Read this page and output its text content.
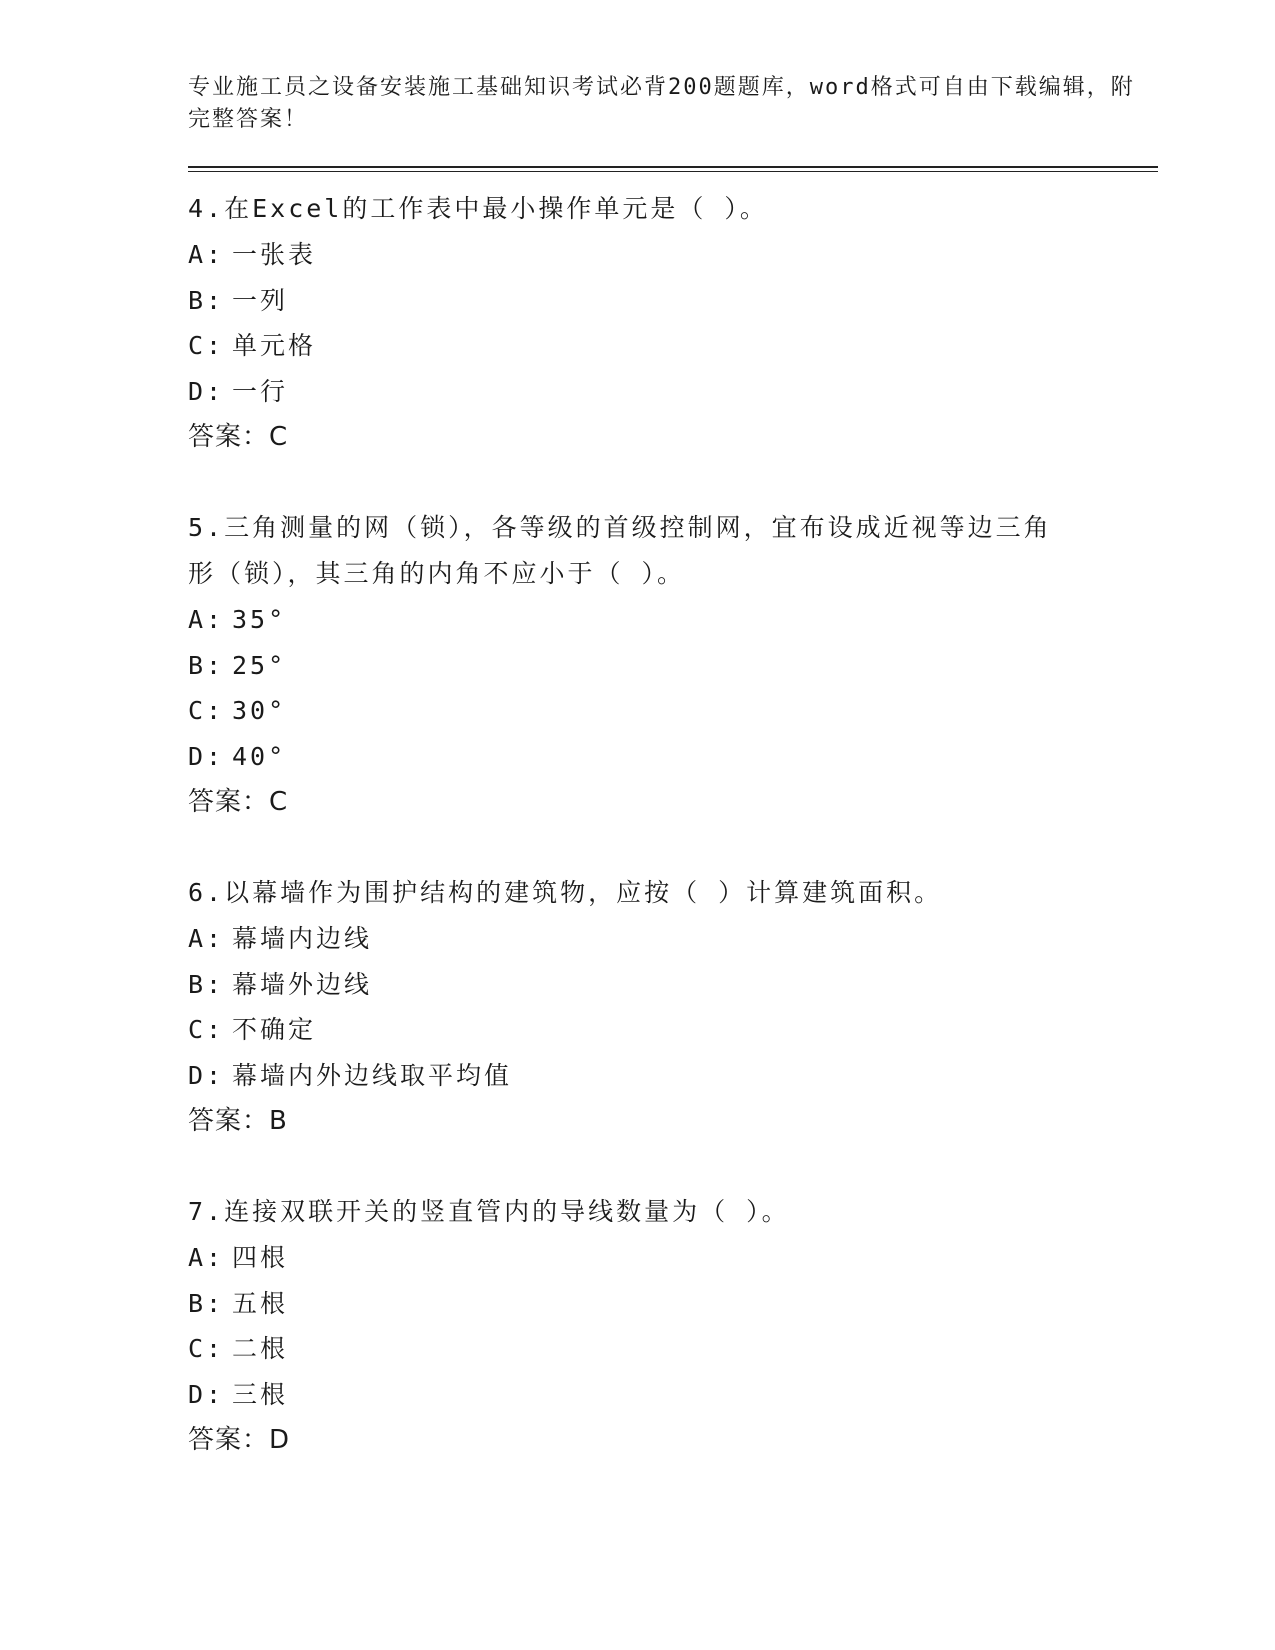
专业施工员之设备安装施工基础知识考试必背200题题库，word格式可自由下载编辑，附完整答案！

4.在Excel的工作表中最小操作单元是（ ）。

A: 一张表

B: 一列

C: 单元格

D: 一行

答案：C

5.三角测量的网（锁），各等级的首级控制网，宜布设成近视等边三角形（锁），其三角的内角不应小于（ ）。

A: 35°

B: 25°

C: 30°

D: 40°

答案：C

6.以幕墙作为围护结构的建筑物，应按（ ）计算建筑面积。

A: 幕墙内边线

B: 幕墙外边线

C: 不确定

D: 幕墙内外边线取平均值

答案：B

7.连接双联开关的竖直管内的导线数量为（ ）。

A: 四根

B: 五根

C: 二根

D: 三根

答案：D
